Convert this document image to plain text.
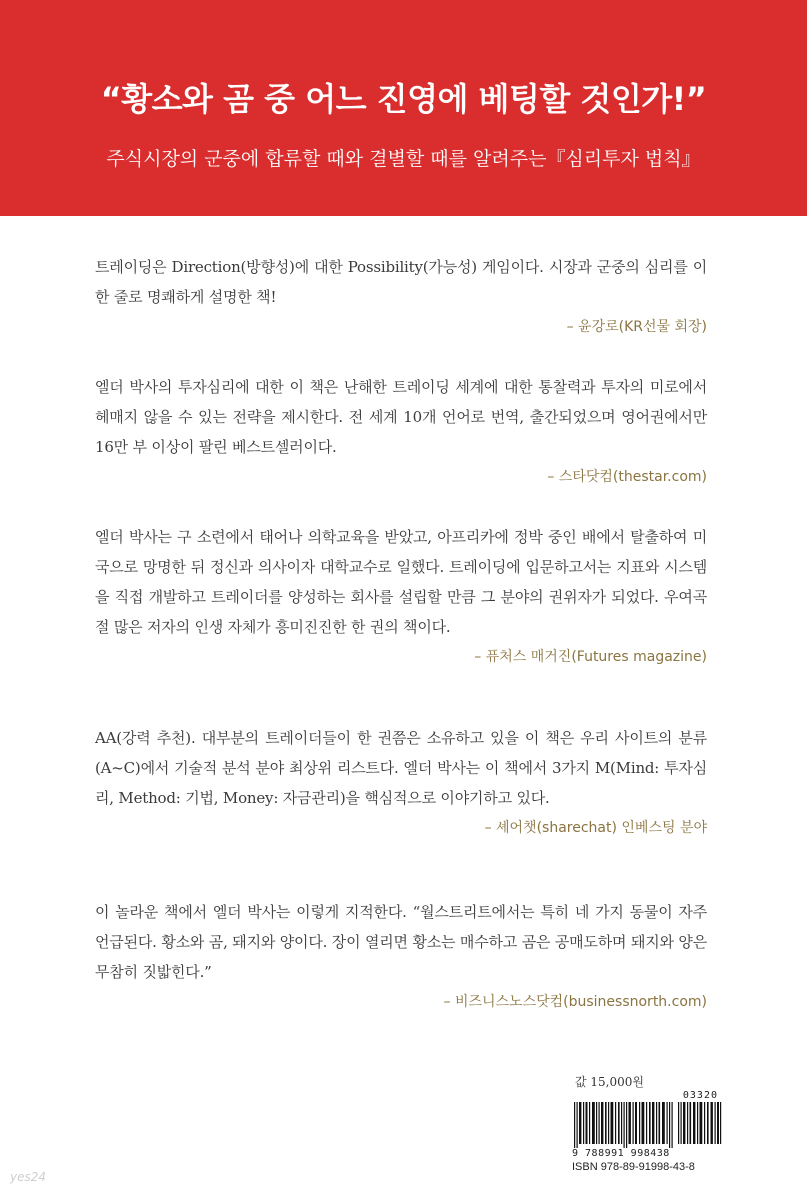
“황소와 곰 중 어느 진영에 베팅할 것인가!”
주식시장의 군중에 합류할 때와 결별할 때를 알려주는『심리투자 법칙』

트레이딩은 Direction(방향성)에 대한 Possibility(가능성) 게임이다. 시장과 군중의 심리를 이 한 줄로 명쾌하게 설명한 책!

– 윤강로(KR선물 회장)

엘더 박사의 투자심리에 대한 이 책은 난해한 트레이딩 세계에 대한 통찰력과 투자의 미로에서 헤매지 않을 수 있는 전략을 제시한다. 전 세계 10개 언어로 번역, 출간되었으며 영어권에서만 16만 부 이상이 팔린 베스트셀러이다.

– 스타닷컴(thestar.com)

엘더 박사는 구 소련에서 태어나 의학교육을 받았고, 아프리카에 정박 중인 배에서 탈출하여 미국으로 망명한 뒤 정신과 의사이자 대학교수로 일했다. 트레이딩에 입문하고서는 지표와 시스템을 직접 개발하고 트레이더를 양성하는 회사를 설립할 만큼 그 분야의 권위자가 되었다. 우여곡절 많은 저자의 인생 자체가 흥미진진한 한 권의 책이다.

– 퓨처스 매거진(Futures magazine)

AA(강력 추천). 대부분의 트레이더들이 한 권쯤은 소유하고 있을 이 책은 우리 사이트의 분류(A~C)에서 기술적 분석 분야 최상위 리스트다. 엘더 박사는 이 책에서 3가지 M(Mind: 투자심리, Method: 기법, Money: 자금관리)을 핵심적으로 이야기하고 있다.

– 셰어챗(sharechat) 인베스팅 분야

이 놀라운 책에서 엘더 박사는 이렇게 지적한다. “월스트리트에서는 특히 네 가지 동물이 자주 언급된다. 황소와 곰, 돼지와 양이다. 장이 열리면 황소는 매수하고 곰은 공매도하며 돼지와 양은 무참히 짓밟힌다.”

– 비즈니스노스닷컴(businessnorth.com)
값 15,000원
03320
9 788991 998438
ISBN 978-89-91998-43-8
yes24
